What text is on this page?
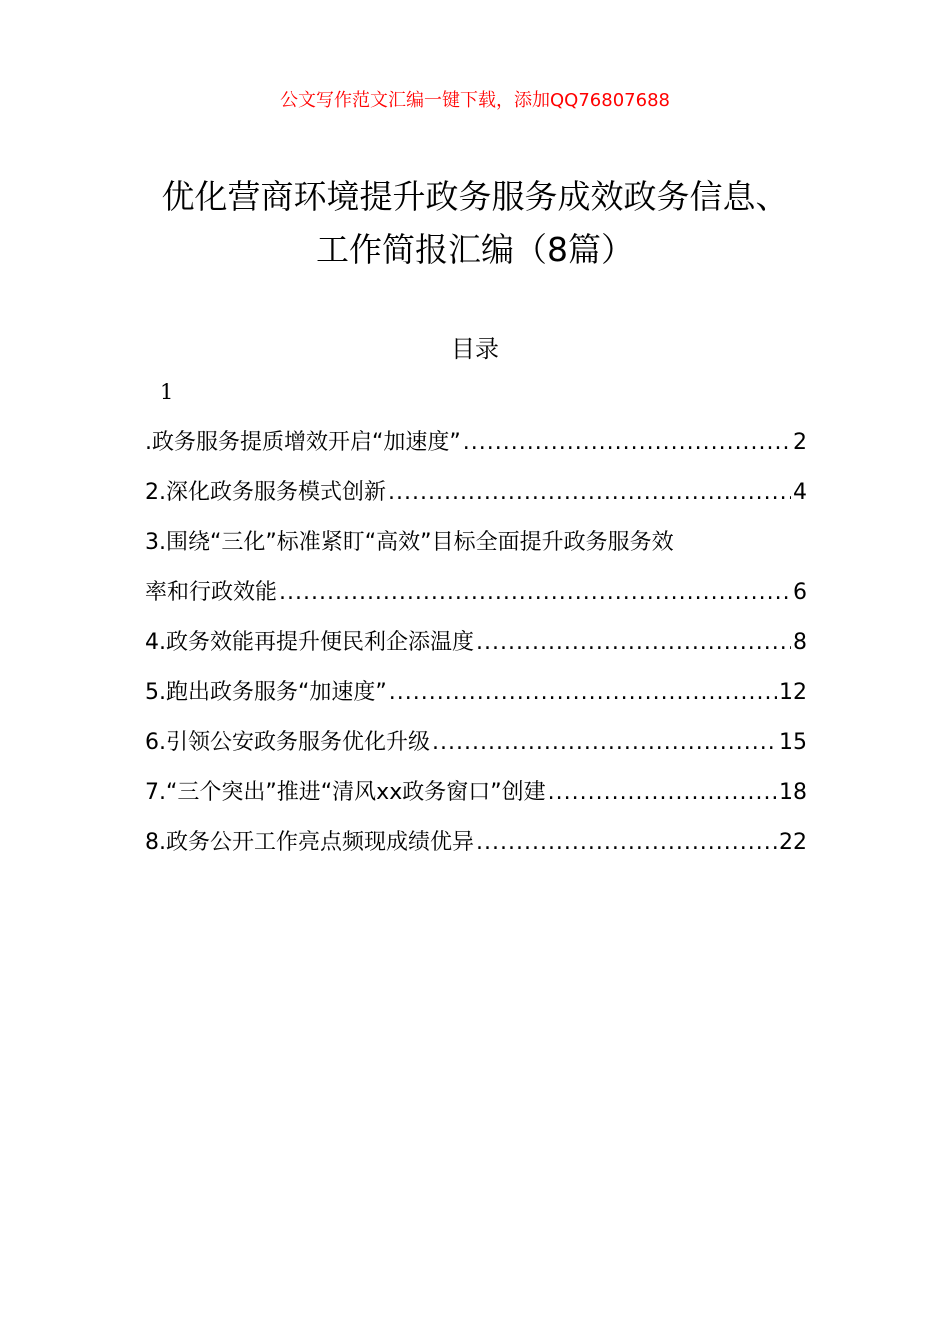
公文写作范文汇编一键下载，添加QQ76807688
优化营商环境提升政务服务成效政务信息、
工作简报汇编（8篇）
目录
1
.政务服务提质增效开启“加速度” .....	2
2.深化政务服务模式创新 .....	4
3.围绕“三化”标准紧盯“高效”目标全面提升政务服务效
率和行政效能 .....	6
4.政务效能再提升便民利企添温度 .....	8
5.跑出政务服务“加速度” .....	12
6.引领公安政务服务优化升级 .....	15
7.“三个突出”推进“清风xx政务窗口”创建 .....	18
8.政务公开工作亮点频现成绩优异 .....	22
